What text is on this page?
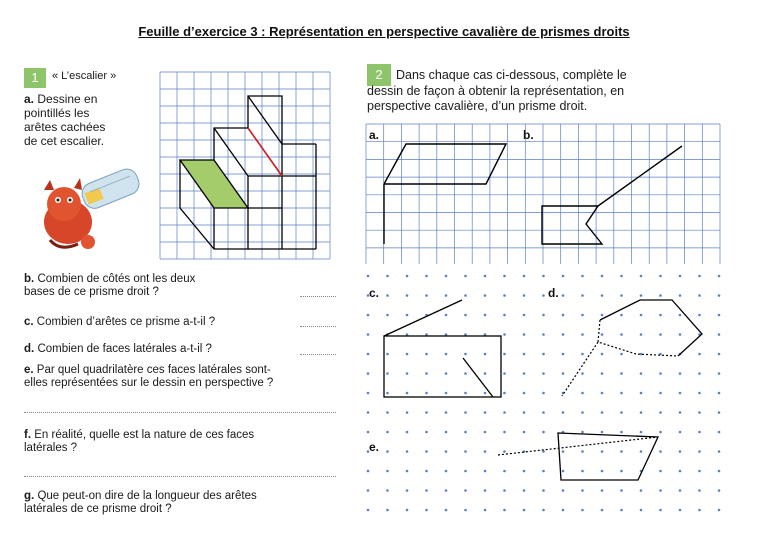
Feuille d’exercice 3 : Représentation en perspective cavalière de prismes droits
1	« L’escalier »
a. Dessine en
pointillés les
arêtes cachées
de cet escalier.
b. Combien de côtés ont les deux
bases de ce prisme droit ?
c. Combien d’arêtes ce prisme a-t-il ?
d. Combien de faces latérales a-t-il ?
e. Par quel quadrilatère ces faces latérales sont-
elles représentées sur le dessin en perspective ?
f. En réalité, quelle est la nature de ces faces
latérales ?
g. Que peut-on dire de la longueur des arêtes
latérales de ce prisme droit ?
2	Dans chaque cas ci-dessous, complète le
dessin de façon à obtenir la représentation, en
perspective cavalière, d’un prisme droit.
a.	b.
c.	d.
e.
